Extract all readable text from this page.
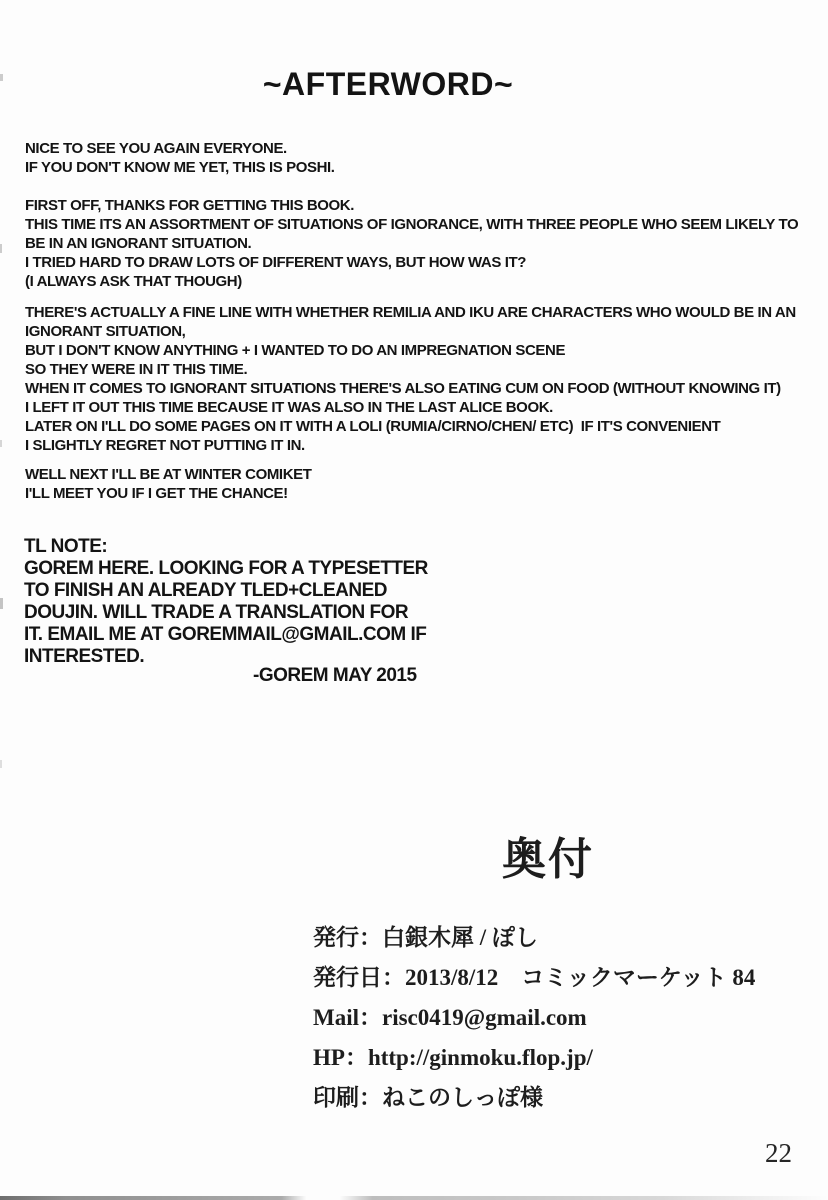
~AFTERWORD~
NICE TO SEE YOU AGAIN EVERYONE.
IF YOU DON'T KNOW ME YET, THIS IS POSHI.
FIRST OFF, THANKS FOR GETTING THIS BOOK.
THIS TIME ITS AN ASSORTMENT OF SITUATIONS OF IGNORANCE, WITH THREE PEOPLE WHO SEEM LIKELY TO
BE IN AN IGNORANT SITUATION.
I TRIED HARD TO DRAW LOTS OF DIFFERENT WAYS, BUT HOW WAS IT?
(I ALWAYS ASK THAT THOUGH)
THERE'S ACTUALLY A FINE LINE WITH WHETHER REMILIA AND IKU ARE CHARACTERS WHO WOULD BE IN AN
IGNORANT SITUATION,
BUT I DON'T KNOW ANYTHING + I WANTED TO DO AN IMPREGNATION SCENE
SO THEY WERE IN IT THIS TIME.
WHEN IT COMES TO IGNORANT SITUATIONS THERE'S ALSO EATING CUM ON FOOD (WITHOUT KNOWING IT)
I LEFT IT OUT THIS TIME BECAUSE IT WAS ALSO IN THE LAST ALICE BOOK.
LATER ON I'LL DO SOME PAGES ON IT WITH A LOLI (RUMIA/CIRNO/CHEN/ ETC)  IF IT'S CONVENIENT
I SLIGHTLY REGRET NOT PUTTING IT IN.
WELL NEXT I'LL BE AT WINTER COMIKET
I'LL MEET YOU IF I GET THE CHANCE!
TL NOTE:
GOREM HERE. LOOKING FOR A TYPESETTER
TO FINISH AN ALREADY TLED+CLEANED
DOUJIN. WILL TRADE A TRANSLATION FOR
IT. EMAIL ME AT GOREMMAIL@GMAIL.COM IF
INTERESTED.
-GOREM MAY 2015
奥付
発行：白銀木犀 / ぽし
発行日：2013/8/12　コミックマーケット 84
Mail：risc0419@gmail.com
HP：http://ginmoku.flop.jp/
印刷：ねこのしっぽ様
22
